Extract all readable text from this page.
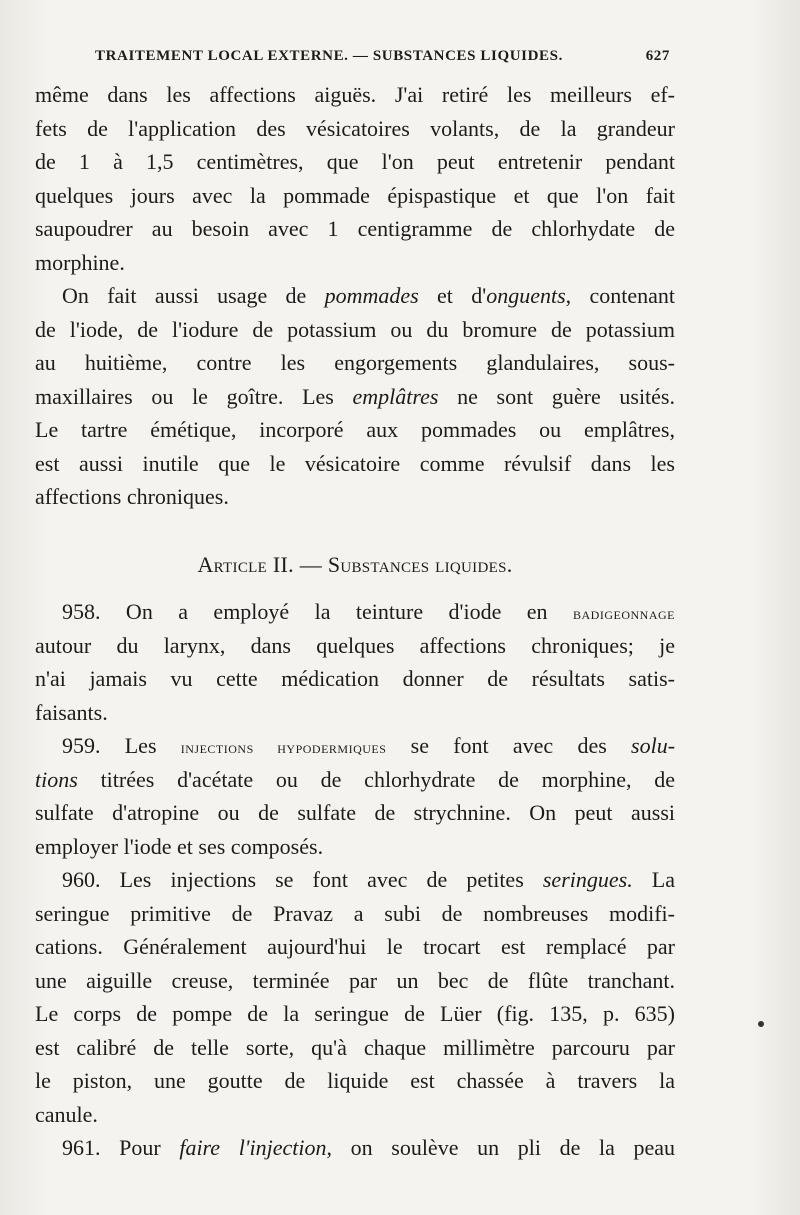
TRAITEMENT LOCAL EXTERNE. — SUBSTANCES LIQUIDES.	627
même dans les affections aiguës. J'ai retiré les meilleurs ef-
fets de l'application des vésicatoires volants, de la grandeur
de 1 à 1,5 centimètres, que l'on peut entretenir pendant
quelques jours avec la pommade épispastique et que l'on fait
saupoudrer au besoin avec 1 centigramme de chlorhydate de
morphine.
On fait aussi usage de pommades et d'onguents, contenant
de l'iode, de l'iodure de potassium ou du bromure de potassium
au huitième, contre les engorgements glandulaires, sous-
maxillaires ou le goître. Les emplâtres ne sont guère usités.
Le tartre émétique, incorporé aux pommades ou emplâtres,
est aussi inutile que le vésicatoire comme révulsif dans les
affections chroniques.
Article II. — Substances liquides.
958. On a employé la teinture d'iode en badigeonnage
autour du larynx, dans quelques affections chroniques; je
n'ai jamais vu cette médication donner de résultats satis-
faisants.
959. Les injections hypodermiques se font avec des solu-
tions titrées d'acétate ou de chlorhydrate de morphine, de
sulfate d'atropine ou de sulfate de strychnine. On peut aussi
employer l'iode et ses composés.
960. Les injections se font avec de petites seringues. La
seringue primitive de Pravaz a subi de nombreuses modifi-
cations. Généralement aujourd'hui le trocart est remplacé par
une aiguille creuse, terminée par un bec de flûte tranchant.
Le corps de pompe de la seringue de Lüer (fig. 135, p. 635)
est calibré de telle sorte, qu'à chaque millimètre parcouru par
le piston, une goutte de liquide est chassée à travers la
canule.
961. Pour faire l'injection, on soulève un pli de la peau
